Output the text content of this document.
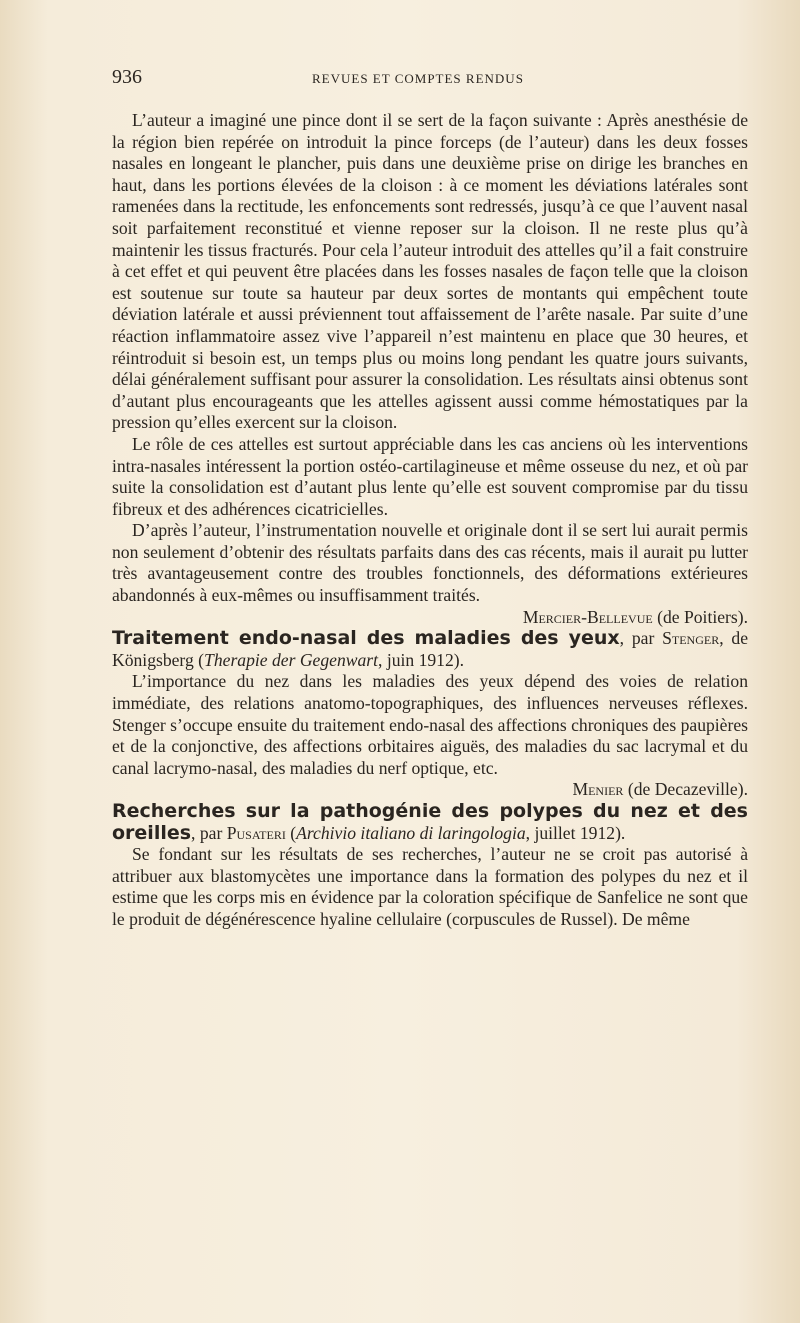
936	REVUES ET COMPTES RENDUS

L’auteur a imaginé une pince dont il se sert de la façon suivante : Après anesthésie de la région bien repérée on introduit la pince forceps (de l’auteur) dans les deux fosses nasales en longeant le plancher, puis dans une deuxième prise on dirige les branches en haut, dans les portions élevées de la cloison : à ce moment les déviations latérales sont ramenées dans la rectitude, les enfoncements sont redressés, jusqu’à ce que l’auvent nasal soit parfaitement reconstitué et vienne reposer sur la cloison. Il ne reste plus qu’à maintenir les tissus fracturés. Pour cela l’auteur introduit des attelles qu’il a fait construire à cet effet et qui peuvent être placées dans les fosses nasales de façon telle que la cloison est soutenue sur toute sa hauteur par deux sortes de montants qui empêchent toute déviation latérale et aussi préviennent tout affaissement de l’arête nasale. Par suite d’une réaction inflammatoire assez vive l’appareil n’est maintenu en place que 30 heures, et réintroduit si besoin est, un temps plus ou moins long pendant les quatre jours suivants, délai généralement suffisant pour assurer la consolidation. Les résultats ainsi obtenus sont d’autant plus encourageants que les attelles agissent aussi comme hémostatiques par la pression qu’elles exercent sur la cloison.

Le rôle de ces attelles est surtout appréciable dans les cas anciens où les interventions intra-nasales intéressent la portion ostéo-cartilagineuse et même osseuse du nez, et où par suite la consolidation est d’autant plus lente qu’elle est souvent compromise par du tissu fibreux et des adhérences cicatricielles.

D’après l’auteur, l’instrumentation nouvelle et originale dont il se sert lui aurait permis non seulement d’obtenir des résultats parfaits dans des cas récents, mais il aurait pu lutter très avantageusement contre des troubles fonctionnels, des déformations extérieures abandonnés à eux-mêmes ou insuffisamment traités.

Mercier-Bellevue (de Poitiers).

Traitement endo-nasal des maladies des yeux, par Stenger, de Königsberg (Therapie der Gegenwart, juin 1912).

L’importance du nez dans les maladies des yeux dépend des voies de relation immédiate, des relations anatomo-topographiques, des influences nerveuses réflexes. Stenger s’occupe ensuite du traitement endo-nasal des affections chroniques des paupières et de la conjonctive, des affections orbitaires aiguës, des maladies du sac lacrymal et du canal lacrymo-nasal, des maladies du nerf optique, etc.

Menier (de Decazeville).

Recherches sur la pathogénie des polypes du nez et des oreilles, par Pusateri (Archivio italiano di laringologia, juillet 1912).

Se fondant sur les résultats de ses recherches, l’auteur ne se croit pas autorisé à attribuer aux blastomycètes une importance dans la formation des polypes du nez et il estime que les corps mis en évidence par la coloration spécifique de Sanfelice ne sont que le produit de dégénérescence hyaline cellulaire (corpuscules de Russel). De même
